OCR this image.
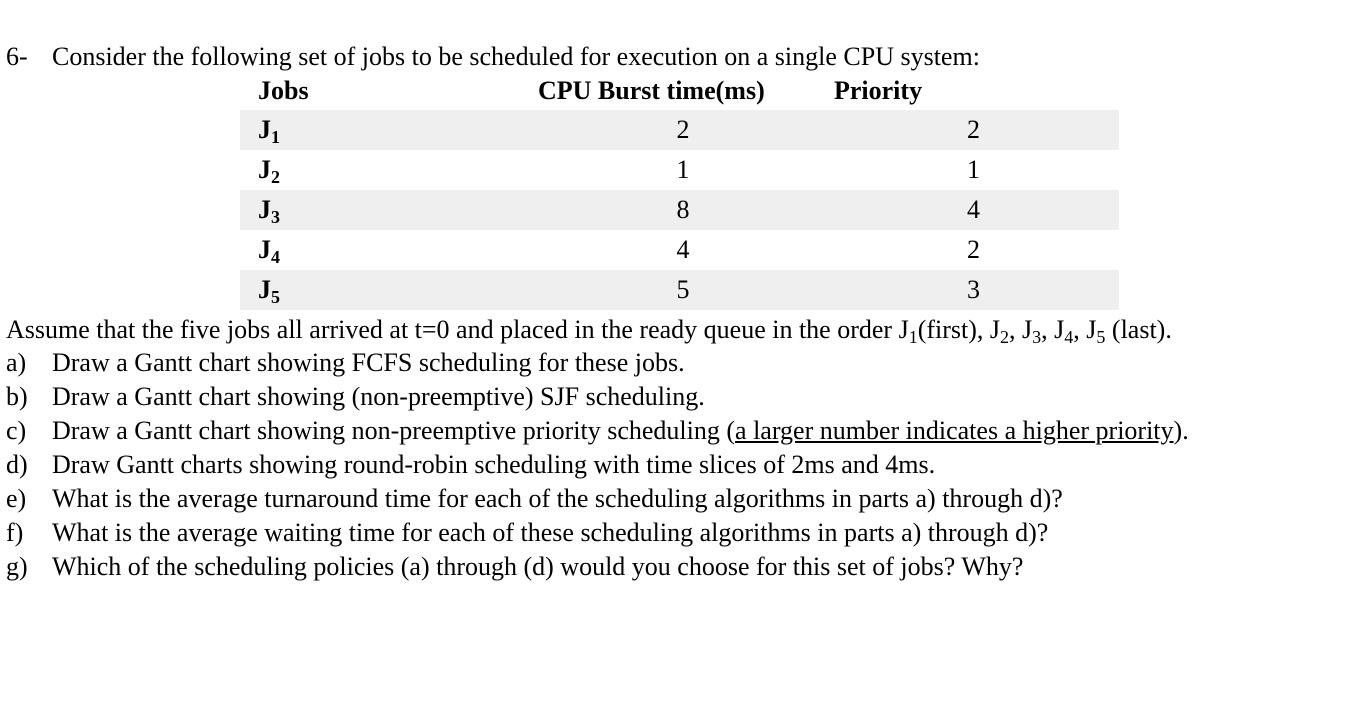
6- Consider the following set of jobs to be scheduled for execution on a single CPU system:
Jobs	CPU Burst time(ms)	Priority
J1	2	2
J2	1	1
J3	8	4
J4	4	2
J5	5	3
Assume that the five jobs all arrived at t=0 and placed in the ready queue in the order J1(first), J2, J3, J4, J5 (last).
a) Draw a Gantt chart showing FCFS scheduling for these jobs.
b) Draw a Gantt chart showing (non-preemptive) SJF scheduling.
c) Draw a Gantt chart showing non-preemptive priority scheduling (a larger number indicates a higher priority).
d) Draw Gantt charts showing round-robin scheduling with time slices of 2ms and 4ms.
e) What is the average turnaround time for each of the scheduling algorithms in parts a) through d)?
f) What is the average waiting time for each of these scheduling algorithms in parts a) through d)?
g) Which of the scheduling policies (a) through (d) would you choose for this set of jobs? Why?
